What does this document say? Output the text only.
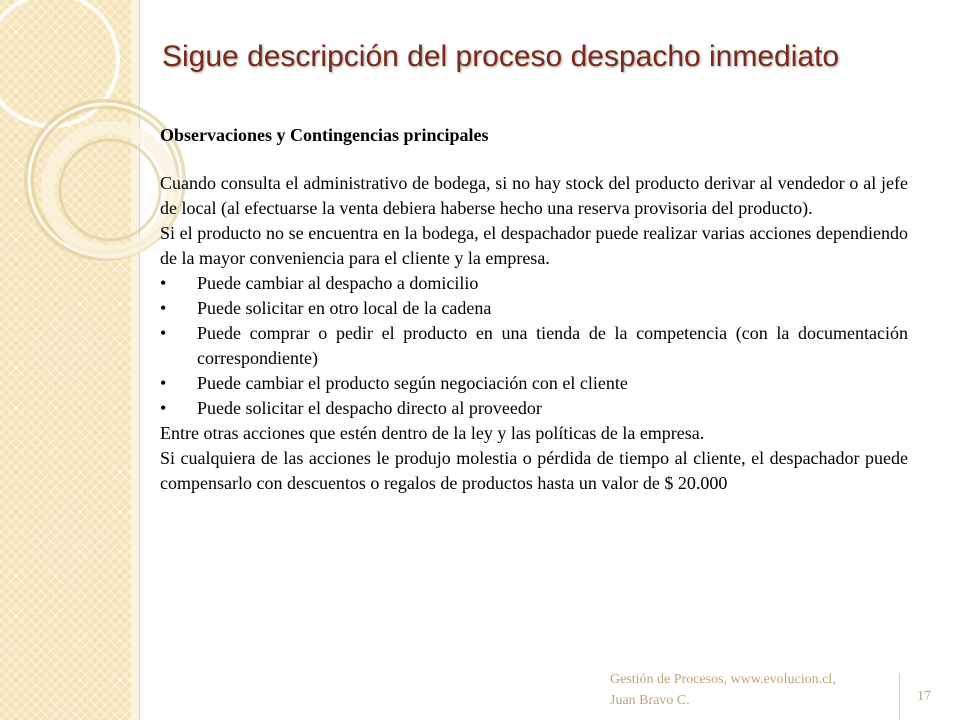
Sigue descripción del proceso despacho inmediato

Observaciones y Contingencias principales

Cuando consulta el administrativo de bodega, si no hay stock del producto derivar al vendedor o al jefe de local (al efectuarse la venta debiera haberse hecho una reserva provisoria del producto).

Si el producto no se encuentra en la bodega, el despachador puede realizar varias acciones dependiendo de la mayor conveniencia para el cliente y la empresa.

• Puede cambiar al despacho a domicilio
• Puede solicitar en otro local de la cadena
• Puede comprar o pedir el producto en una tienda de la competencia (con la documentación correspondiente)
• Puede cambiar el producto según negociación con el cliente
• Puede solicitar el despacho directo al proveedor

Entre otras acciones que estén dentro de la ley y las políticas de la empresa.

Si cualquiera de las acciones le produjo molestia o pérdida de tiempo al cliente, el despachador puede compensarlo con descuentos o regalos de productos hasta un valor de $ 20.000

Gestión de Procesos, www.evolucion.cl,
Juan Bravo C.	17
